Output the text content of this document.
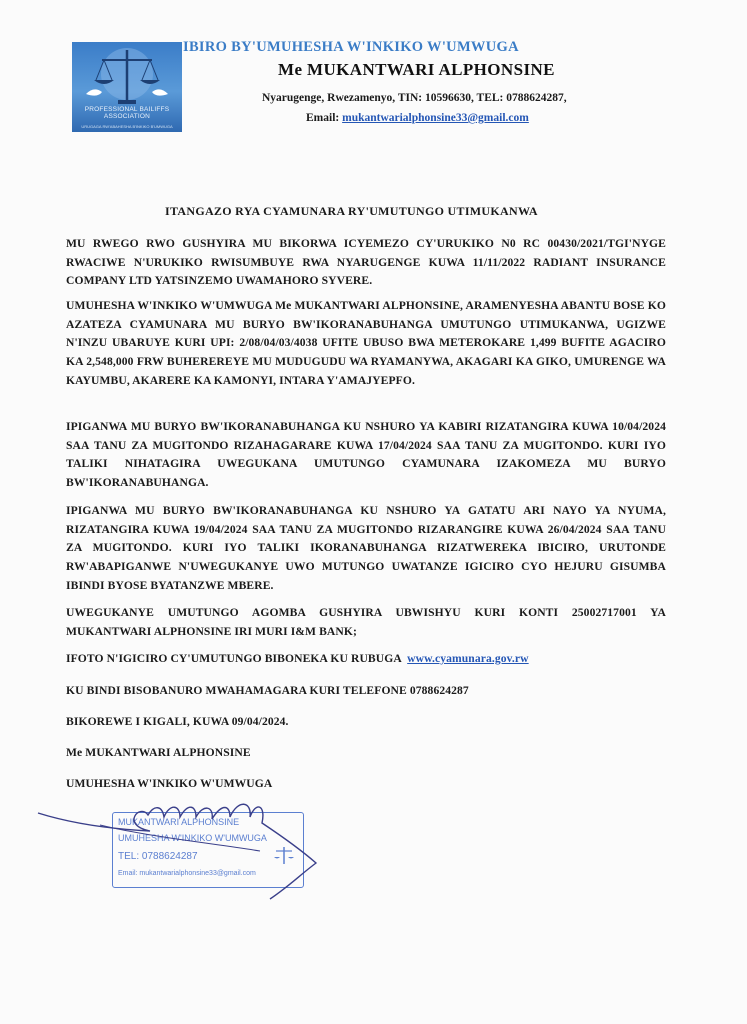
PROFESSIONAL BAILIFFS ASSOCIATION
URUGAGA RW'ABAHESHA B'INKIKO B'UMWUGA
IBIRO BY'UMUHESHA W'INKIKO W'UMWUGA
Me MUKANTWARI ALPHONSINE
Nyarugenge, Rwezamenyo, TIN: 10596630, TEL: 0788624287,
Email: mukantwarialphonsine33@gmail.com
ITANGAZO RYA CYAMUNARA RY'UMUTUNGO UTIMUKANWA
MU RWEGO RWO GUSHYIRA MU BIKORWA ICYEMEZO CY'URUKIKO N0 RC 00430/2021/TGI'NYGE RWACIWE N'URUKIKO RWISUMBUYE RWA NYARUGENGE KUWA 11/11/2022 RADIANT INSURANCE COMPANY LTD YATSINZEMO UWAMAHORO SYVERE.
UMUHESHA W'INKIKO W'UMWUGA Me MUKANTWARI ALPHONSINE, ARAMENYESHA ABANTU BOSE KO AZATEZA CYAMUNARA MU BURYO BW'IKORANABUHANGA UMUTUNGO UTIMUKANWA, UGIZWE N'INZU UBARUYE KURI UPI: 2/08/04/03/4038 UFITE UBUSO BWA METEROKARE 1,499 BUFITE AGACIRO KA 2,548,000 FRW BUHEREREYE MU MUDUGUDU WA RYAMANYWA, AKAGARI KA GIKO, UMURENGE WA KAYUMBU, AKARERE KA KAMONYI, INTARA Y'AMAJYEPFO.
IPIGANWA MU BURYO BW'IKORANABUHANGA KU NSHURO YA KABIRI RIZATANGIRA KUWA 10/04/2024 SAA TANU ZA MUGITONDO RIZAHAGARARE KUWA 17/04/2024 SAA TANU ZA MUGITONDO. KURI IYO TALIKI NIHATAGIRA UWEGUKANA UMUTUNGO CYAMUNARA IZAKOMEZA MU BURYO BW'IKORANABUHANGA.
IPIGANWA MU BURYO BW'IKORANABUHANGA KU NSHURO YA GATATU ARI NAYO YA NYUMA, RIZATANGIRA KUWA 19/04/2024 SAA TANU ZA MUGITONDO RIZARANGIRE KUWA 26/04/2024 SAA TANU ZA MUGITONDO. KURI IYO TALIKI IKORANABUHANGA RIZATWEREKA IBICIRO, URUTONDE RW'ABAPIGANWE N'UWEGUKANYE UWO MUTUNGO UWATANZE IGICIRO CYO HEJURU GISUMBA IBINDI BYOSE BYATANZWE MBERE.
UWEGUKANYE UMUTUNGO AGOMBA GUSHYIRA UBWISHYU KURI KONTI 25002717001 YA MUKANTWARI ALPHONSINE IRI MURI I&M BANK;
IFOTO N'IGICIRO CY'UMUTUNGO BIBONEKA KU RUBUGA www.cyamunara.gov.rw
KU BINDI BISOBANURO MWAHAMAGARA KURI TELEFONE 0788624287
BIKOREWE I KIGALI, KUWA 09/04/2024.
Me MUKANTWARI ALPHONSINE
UMUHESHA W'INKIKO W'UMWUGA
MUKANTWARI ALPHONSINE
UMUHESHA W'INKIKO W'UMWUGA
TEL: 0788624287
Email: mukantwarialphonsine33@gmail.com
